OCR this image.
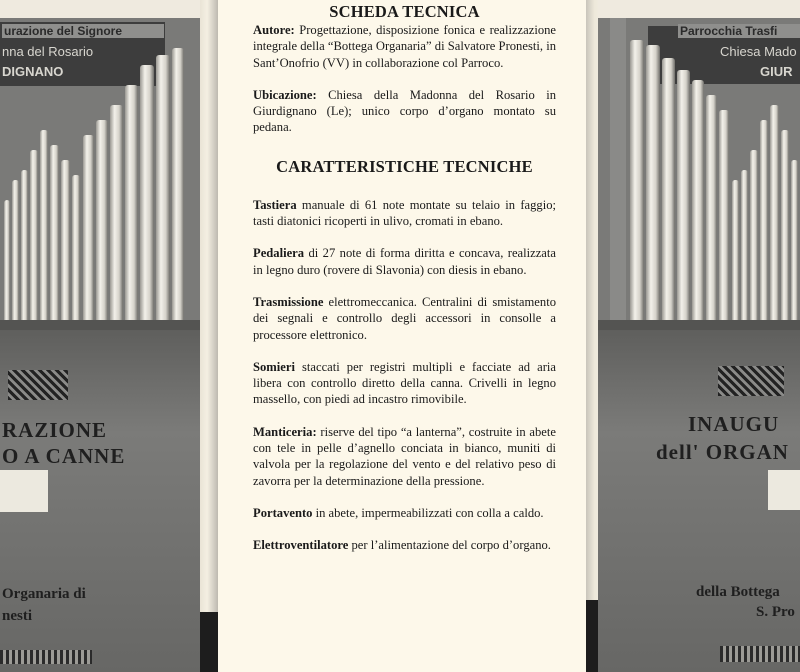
urazione del Signore
nna del Rosario
DIGNANO
RAZIONE
O A CANNE
Organaria di
nesti
SCHEDA TECNICA

Autore: Progettazione, disposizione fonica e realizzazione integrale della “Bottega Organaria” di Salvatore Pronesti, in Sant’Onofrio (VV) in collaborazione col Parroco.

Ubicazione: Chiesa della Madonna del Rosario in Giurdignano (Le); unico corpo d’organo montato su pedana.

CARATTERISTICHE TECNICHE

Tastiera manuale di 61 note montate su telaio in faggio; tasti diatonici ricoperti in ulivo, cromati in ebano.

Pedaliera di 27 note di forma diritta e concava, realizzata in legno duro (rovere di Slavonia) con diesis in ebano.

Trasmissione elettromeccanica. Centralini di smistamento dei segnali e controllo degli accessori in consolle a processore elettronico.

Somieri staccati per registri multipli e facciate ad aria libera con controllo diretto della canna. Crivelli in legno massello, con piedi ad incastro rimovibile.

Manticeria: riserve del tipo “a lanterna”, costruite in abete con tele in pelle d’agnello conciata in bianco, muniti di valvola per la regolazione del vento e del relativo peso di zavorra per la determinazione della pressione.

Portavento in abete, impermeabilizzati con colla a caldo.

Elettroventilatore per l’alimentazione del corpo d’organo.

Parrocchia Trasfi
Chiesa Mado
GIUR
INAUGU
dell' ORGAN
della Bottega
S. Pro
